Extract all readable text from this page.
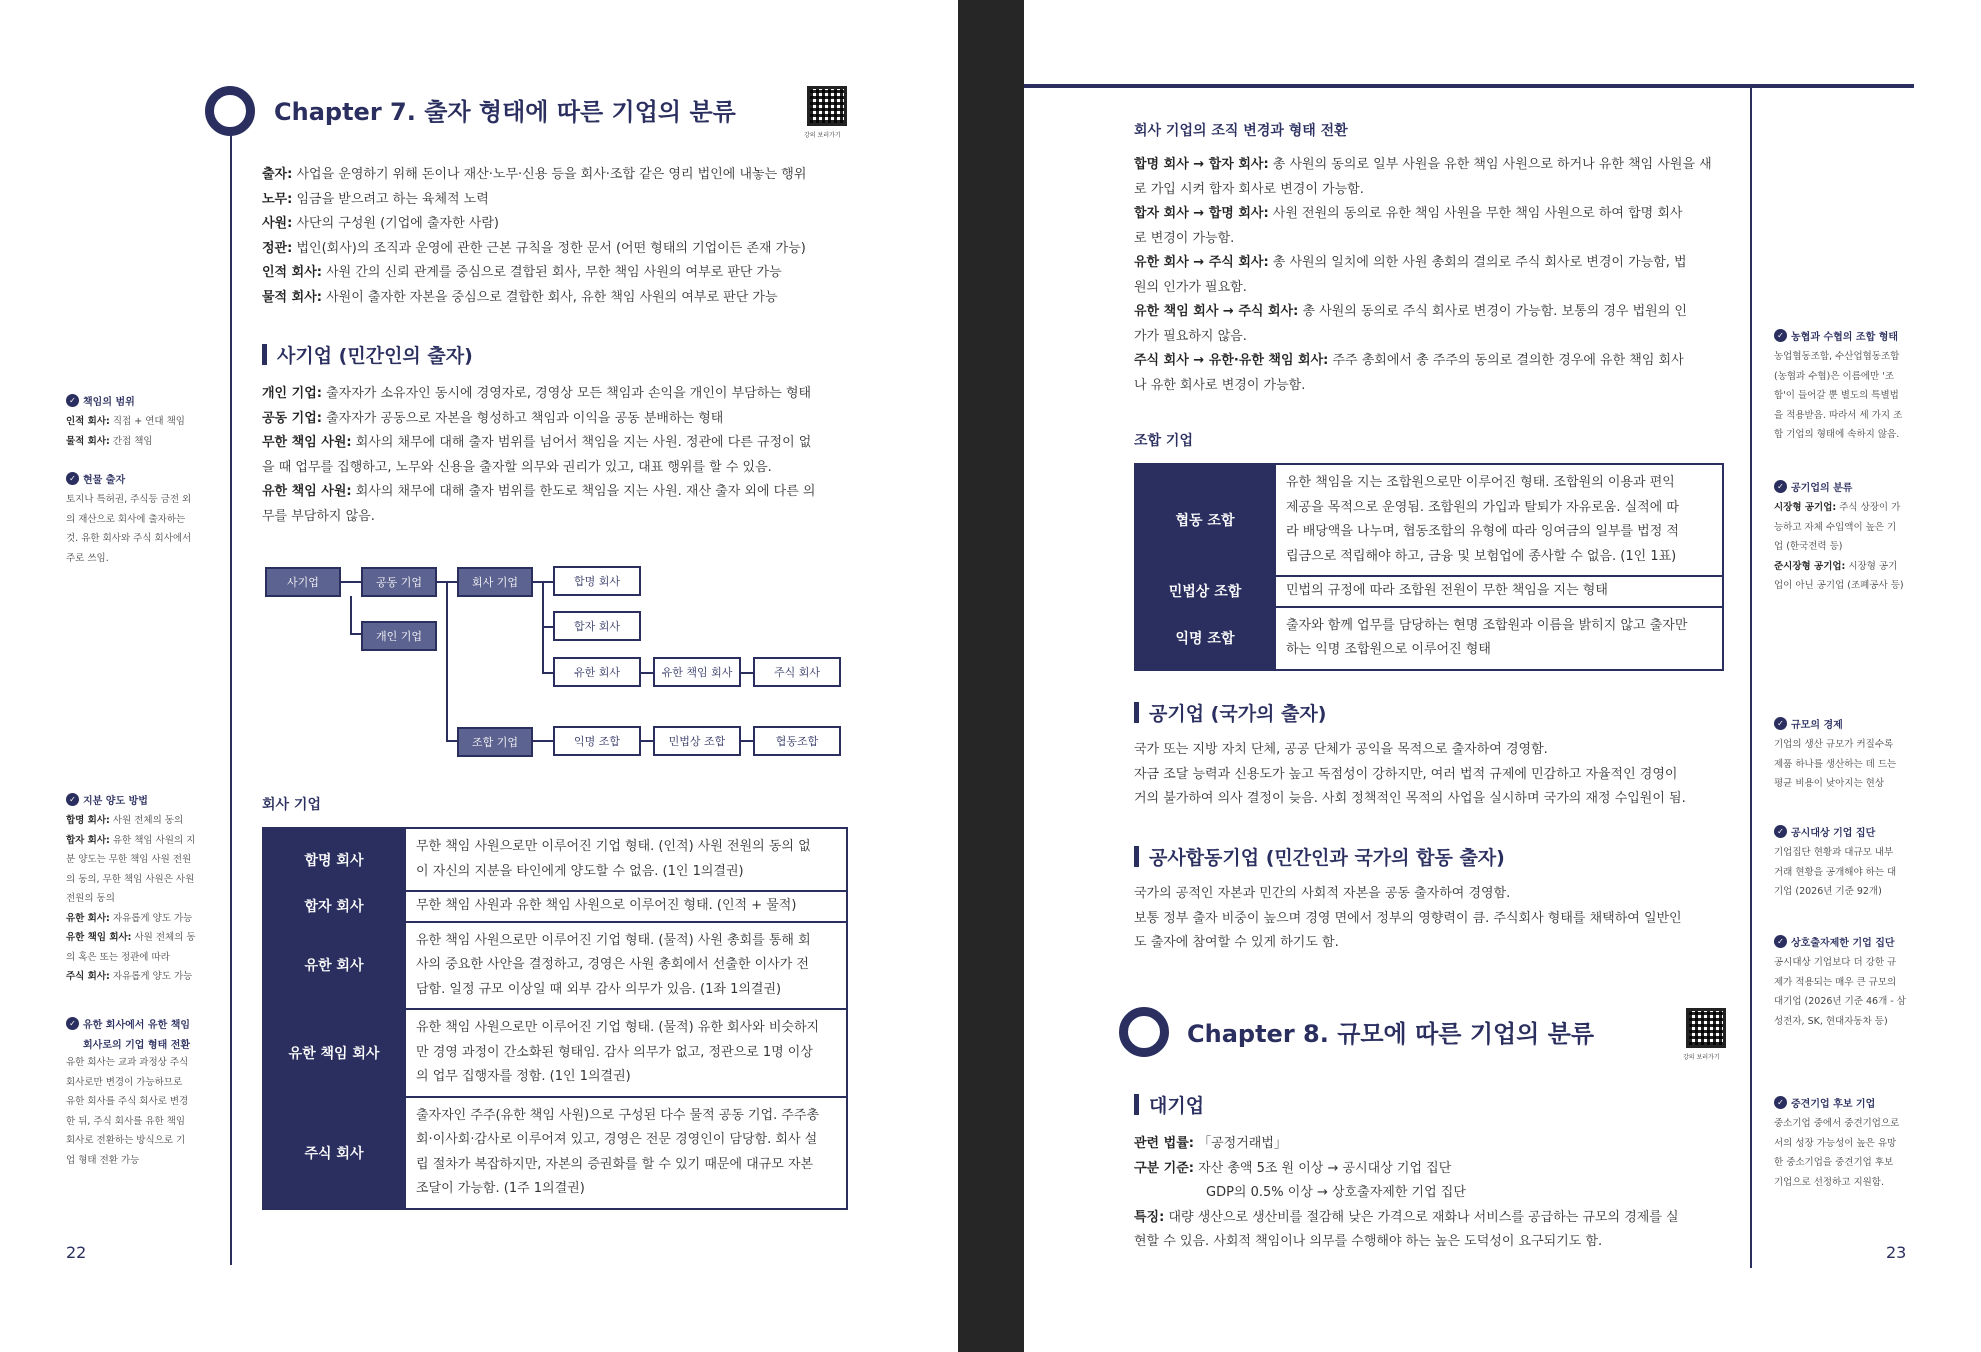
Chapter 7. 출자 형태에 따른 기업의 분류
강의 보러가기
출자: 사업을 운영하기 위해 돈이나 재산·노무·신용 등을 회사·조합 같은 영리 법인에 내놓는 행위
노무: 임금을 받으려고 하는 육체적 노력
사원: 사단의 구성원 (기업에 출자한 사람)
정관: 법인(회사)의 조직과 운영에 관한 근본 규칙을 정한 문서 (어떤 형태의 기업이든 존재 가능)
인적 회사: 사원 간의 신뢰 관계를 중심으로 결합된 회사, 무한 책임 사원의 여부로 판단 가능
물적 회사: 사원이 출자한 자본을 중심으로 결합한 회사, 유한 책임 사원의 여부로 판단 가능
사기업 (민간인의 출자)
개인 기업: 출자자가 소유자인 동시에 경영자로, 경영상 모든 책임과 손익을 개인이 부담하는 형태
공동 기업: 출자자가 공동으로 자본을 형성하고 책임과 이익을 공동 분배하는 형태
무한 책임 사원: 회사의 채무에 대해 출자 범위를 넘어서 책임을 지는 사원. 정관에 다른 규정이 없
을 때 업무를 집행하고, 노무와 신용을 출자할 의무와 권리가 있고, 대표 행위를 할 수 있음.
유한 책임 사원: 회사의 채무에 대해 출자 범위를 한도로 책임을 지는 사원. 재산 출자 외에 다른 의
무를 부담하지 않음.
사기업	공동 기업
개인 기업
회사 기업
조합 기업
합명 회사
합자 회사
유한 회사	유한 책임 회사	주식 회사
익명 조합	민법상 조합	협동조합
회사 기업
합명 회사	무한 책임 사원으로만 이루어진 기업 형태. (인적) 사원 전원의 동의 없
이 자신의 지분을 타인에게 양도할 수 없음. (1인 1의결권)

합자 회사	무한 책임 사원과 유한 책임 사원으로 이루어진 형태. (인적 + 물적)

유한 회사	유한 책임 사원으로만 이루어진 기업 형태. (물적) 사원 총회를 통해 회
사의 중요한 사안을 결정하고, 경영은 사원 총회에서 선출한 이사가 전
담함. 일정 규모 이상일 때 외부 감사 의무가 있음. (1좌 1의결권)

유한 책임 회사	유한 책임 사원으로만 이루어진 기업 형태. (물적) 유한 회사와 비슷하지
만 경영 과정이 간소화된 형태임. 감사 의무가 없고, 정관으로 1명 이상
의 업무 집행자를 정함. (1인 1의결권)

주식 회사	출자자인 주주(유한 책임 사원)으로 구성된 다수 물적 공동 기업. 주주총
회·이사회·감사로 이루어져 있고, 경영은 전문 경영인이 담당함. 회사 설
립 절차가 복잡하지만, 자본의 증권화를 할 수 있기 때문에 대규모 자본
조달이 가능함. (1주 1의결권)
✓ 책임의 범위
인적 회사: 직접 + 연대 책임
물적 회사: 간접 책임
✓ 현물 출자
토지나 특허권, 주식등 금전 외
의 재산으로 회사에 출자하는
것. 유한 회사와 주식 회사에서
주로 쓰임.
✓ 지분 양도 방법
합명 회사: 사원 전체의 동의
합자 회사: 유한 책임 사원의 지
분 양도는 무한 책임 사원 전원
의 동의, 무한 책임 사원은 사원
전원의 동의
유한 회사: 자유롭게 양도 가능
유한 책임 회사: 사원 전체의 동
의 혹은 또는 정관에 따라
주식 회사: 자유롭게 양도 가능
✓ 유한 회사에서 유한 책임
회사로의 기업 형태 전환
유한 회사는 교과 과정상 주식
회사로만 변경이 가능하므로
유한 회사를 주식 회사로 변경
한 뒤, 주식 회사를 유한 책임
회사로 전환하는 방식으로 기
업 형태 전환 가능
22
회사 기업의 조직 변경과 형태 전환
합명 회사 → 합자 회사: 총 사원의 동의로 일부 사원을 유한 책임 사원으로 하거나 유한 책임 사원을 새
로 가입 시켜 합자 회사로 변경이 가능함.
합자 회사 → 합명 회사: 사원 전원의 동의로 유한 책임 사원을 무한 책임 사원으로 하여 합명 회사
로 변경이 가능함.
유한 회사 → 주식 회사: 총 사원의 일치에 의한 사원 총회의 결의로 주식 회사로 변경이 가능함, 법
원의 인가가 필요함.
유한 책임 회사 → 주식 회사: 총 사원의 동의로 주식 회사로 변경이 가능함. 보통의 경우 법원의 인
가가 필요하지 않음.
주식 회사 → 유한·유한 책임 회사: 주주 총회에서 총 주주의 동의로 결의한 경우에 유한 책임 회사
나 유한 회사로 변경이 가능함.
조합 기업
협동 조합	유한 책임을 지는 조합원으로만 이루어진 형태. 조합원의 이용과 편익
제공을 목적으로 운영됨. 조합원의 가입과 탈퇴가 자유로움. 실적에 따
라 배당액을 나누며, 협동조합의 유형에 따라 잉여금의 일부를 법정 적
립금으로 적립해야 하고, 금융 및 보험업에 종사할 수 없음. (1인 1표)

민법상 조합	민법의 규정에 따라 조합원 전원이 무한 책임을 지는 형태

익명 조합	출자와 함께 업무를 담당하는 현명 조합원과 이름을 밝히지 않고 출자만
하는 익명 조합원으로 이루어진 형태
공기업 (국가의 출자)
국가 또는 지방 자치 단체, 공공 단체가 공익을 목적으로 출자하여 경영함.
자금 조달 능력과 신용도가 높고 독점성이 강하지만, 여러 법적 규제에 민감하고 자율적인 경영이
거의 불가하여 의사 결정이 늦음. 사회 정책적인 목적의 사업을 실시하며 국가의 재정 수입원이 됨.
공사합동기업 (민간인과 국가의 합동 출자)
국가의 공적인 자본과 민간의 사회적 자본을 공동 출자하여 경영함.
보통 정부 출자 비중이 높으며 경영 면에서 정부의 영향력이 큼. 주식회사 형태를 채택하여 일반인
도 출자에 참여할 수 있게 하기도 함.
Chapter 8. 규모에 따른 기업의 분류
강의 보러가기
대기업
관련 법률: 「공정거래법」
구분 기준: 자산 총액 5조 원 이상 → 공시대상 기업 집단
GDP의 0.5% 이상 → 상호출자제한 기업 집단
특징: 대량 생산으로 생산비를 절감해 낮은 가격으로 재화나 서비스를 공급하는 규모의 경제를 실
현할 수 있음. 사회적 책임이나 의무를 수행해야 하는 높은 도덕성이 요구되기도 함.
✓ 농협과 수협의 조합 형태
농업협동조합, 수산업협동조합
(농협과 수협)은 이름에만 '조
합'이 들어갈 뿐 별도의 특별법
을 적용받음. 따라서 세 가지 조
합 기업의 형태에 속하지 않음.
✓ 공기업의 분류
시장형 공기업: 주식 상장이 가
능하고 자체 수입액이 높은 기
업 (한국전력 등)
준시장형 공기업: 시장형 공기
업이 아닌 공기업 (조폐공사 등)
✓ 규모의 경제
기업의 생산 규모가 커질수록
제품 하나를 생산하는 데 드는
평균 비용이 낮아지는 현상
✓ 공시대상 기업 집단
기업집단 현황과 대규모 내부
거래 현황을 공개해야 하는 대
기업 (2026년 기준 92개)
✓ 상호출자제한 기업 집단
공시대상 기업보다 더 강한 규
제가 적용되는 매우 큰 규모의
대기업 (2026년 기준 46개 - 삼
성전자, SK, 현대자동차 등)
✓ 중견기업 후보 기업
중소기업 중에서 중견기업으로
서의 성장 가능성이 높은 유망
한 중소기업을 중견기업 후보
기업으로 선정하고 지원함.
23
